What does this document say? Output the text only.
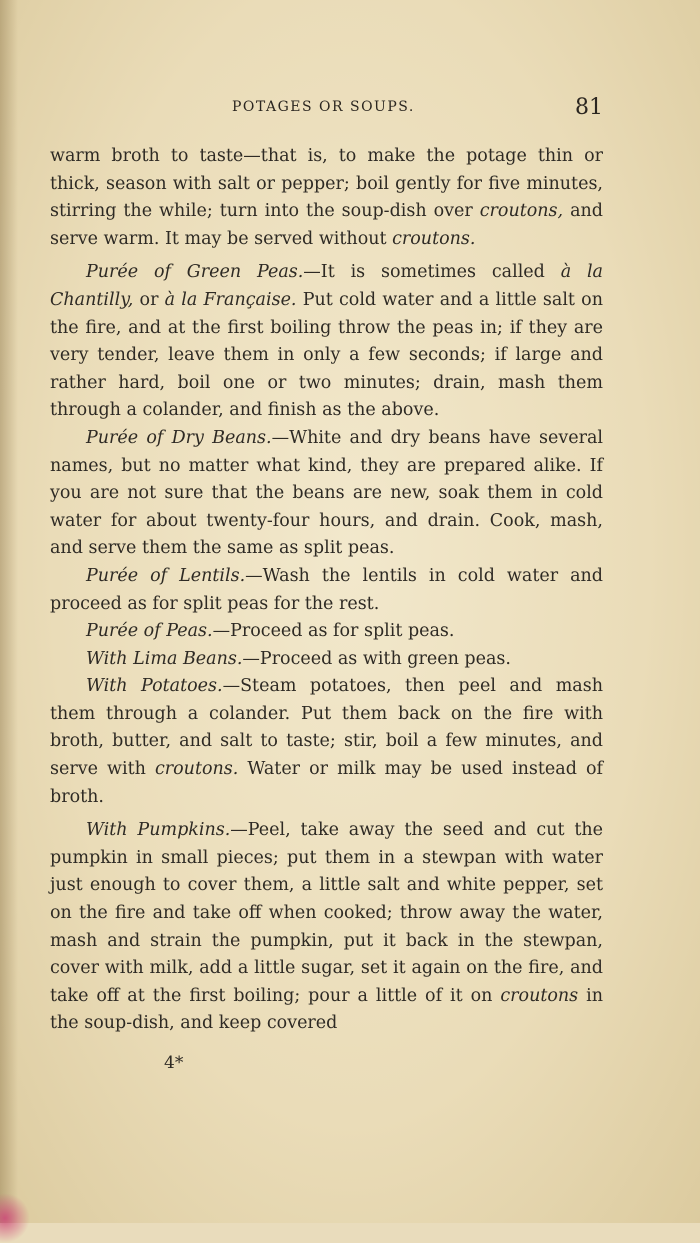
POTAGES OR SOUPS.	81

warm broth to taste—that is, to make the potage thin or thick, season with salt or pepper; boil gently for five minutes, stirring the while; turn into the soup-dish over croutons, and serve warm. It may be served without croutons.

Purée of Green Peas.—It is sometimes called à la Chantilly, or à la Française. Put cold water and a little salt on the fire, and at the first boiling throw the peas in; if they are very tender, leave them in only a few seconds; if large and rather hard, boil one or two minutes; drain, mash them through a colander, and finish as the above.

Purée of Dry Beans.—White and dry beans have several names, but no matter what kind, they are prepared alike. If you are not sure that the beans are new, soak them in cold water for about twenty-four hours, and drain. Cook, mash, and serve them the same as split peas.

Purée of Lentils.—Wash the lentils in cold water and proceed as for split peas for the rest.

Purée of Peas.—Proceed as for split peas.

With Lima Beans.—Proceed as with green peas.

With Potatoes.—Steam potatoes, then peel and mash them through a colander. Put them back on the fire with broth, butter, and salt to taste; stir, boil a few minutes, and serve with croutons. Water or milk may be used instead of broth.

With Pumpkins.—Peel, take away the seed and cut the pumpkin in small pieces; put them in a stewpan with water just enough to cover them, a little salt and white pepper, set on the fire and take off when cooked; throw away the water, mash and strain the pumpkin, put it back in the stewpan, cover with milk, add a little sugar, set it again on the fire, and take off at the first boiling; pour a little of it on croutons in the soup-dish, and keep covered

4*
